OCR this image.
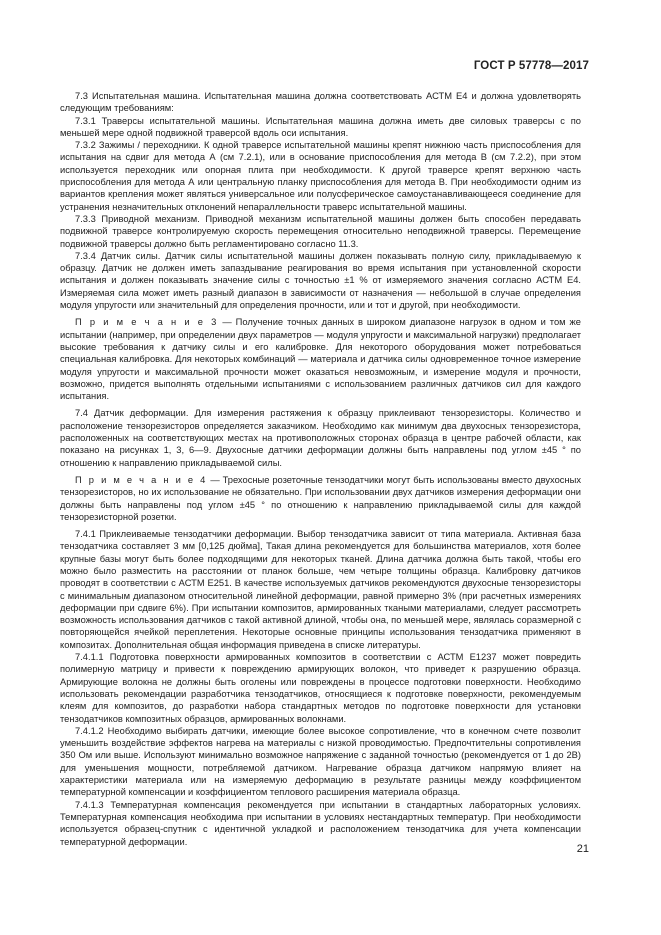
ГОСТ Р 57778—2017

7.3 Испытательная машина. Испытательная машина должна соответствовать АСТМ Е4 и должна удовлетворять следующим требованиям:

7.3.1 Траверсы испытательной машины. Испытательная машина должна иметь две силовых траверсы с по меньшей мере одной подвижной траверсой вдоль оси испытания.

7.3.2 Зажимы / переходники. К одной траверсе испытательной машины крепят нижнюю часть приспособления для испытания на сдвиг для метода А (см 7.2.1), или в основание приспособления для метода В (см 7.2.2), при этом используется переходник или опорная плита при необходимости. К другой траверсе крепят верхнюю часть приспособления для метода А или центральную планку приспособления для метода В. При необходимости одним из вариантов крепления может являться универсальное или полусферическое самоустанавливающееся соединение для устранения незначительных отклонений непараллельности траверс испытательной машины.

7.3.3 Приводной механизм. Приводной механизм испытательной машины должен быть способен передавать подвижной траверсе контролируемую скорость перемещения относительно неподвижной траверсы. Перемещение подвижной траверсы должно быть регламентировано согласно 11.3.

7.3.4 Датчик силы. Датчик силы испытательной машины должен показывать полную силу, прикладываемую к образцу. Датчик не должен иметь запаздывание реагирования во время испытания при установленной скорости испытания и должен показывать значение силы с точностью ±1 % от измеряемого значения согласно АСТМ Е4. Измеряемая сила может иметь разный диапазон в зависимости от назначения — небольшой в случае определения модуля упругости или значительный для определения прочности, или и тот и другой, при необходимости.

П р и м е ч а н и е 3 — Получение точных данных в широком диапазоне нагрузок в одном и том же испытании (например, при определении двух параметров — модуля упругости и максимальной нагрузки) предполагает высокие требования к датчику силы и его калибровке. Для некоторого оборудования может потребоваться специальная калибровка. Для некоторых комбинаций — материала и датчика силы одновременное точное измерение модуля упругости и максимальной прочности может оказаться невозможным, и измерение модуля и прочности, возможно, придется выполнять отдельными испытаниями с использованием различных датчиков сил для каждого испытания.

7.4 Датчик деформации. Для измерения растяжения к образцу приклеивают тензорезисторы. Количество и расположение тензорезисторов определяется заказчиком. Необходимо как минимум два двухосных тензорезистора, расположенных на соответствующих местах на противоположных сторонах образца в центре рабочей области, как показано на рисунках 1, 3, 6—9. Двухосные датчики деформации должны быть направлены под углом ±45 ° по отношению к направлению прикладываемой силы.

П р и м е ч а н и е 4 — Трехосные розеточные тензодатчики могут быть использованы вместо двухосных тензорезисторов, но их использование не обязательно. При использовании двух датчиков измерения деформации они должны быть направлены под углом ±45 ° по отношению к направлению прикладываемой силы для каждой тензорезисторной розетки.

7.4.1 Приклеиваемые тензодатчики деформации. Выбор тензодатчика зависит от типа материала. Активная база тензодатчика составляет 3 мм [0,125 дюйма], Такая длина рекомендуется для большинства материалов, хотя более крупные базы могут быть более подходящими для некоторых тканей. Длина датчика должна быть такой, чтобы его можно было разместить на расстоянии от планок больше, чем четыре толщины образца. Калибровку датчиков проводят в соответствии с АСТМ Е251. В качестве используемых датчиков рекомендуются двухосные тензорезисторы с минимальным диапазоном относительной линейной деформации, равной примерно 3% (при расчетных измерениях деформации при сдвиге 6%). При испытании композитов, армированных ткаными материалами, следует рассмотреть возможность использования датчиков с такой активной длиной, чтобы она, по меньшей мере, являлась соразмерной с повторяющейся ячейкой переплетения. Некоторые основные принципы использования тензодатчика применяют в композитах. Дополнительная общая информация приведена в списке литературы.

7.4.1.1 Подготовка поверхности армированных композитов в соответствии с АСТМ Е1237 может повредить полимерную матрицу и привести к повреждению армирующих волокон, что приведет к разрушению образца. Армирующие волокна не должны быть оголены или повреждены в процессе подготовки поверхности. Необходимо использовать рекомендации разработчика тензодатчиков, относящиеся к подготовке поверхности, рекомендуемым клеям для композитов, до разработки набора стандартных методов по подготовке поверхности для установки тензодатчиков композитных образцов, армированных волокнами.

7.4.1.2 Необходимо выбирать датчики, имеющие более высокое сопротивление, что в конечном счете позволит уменьшить воздействие эффектов нагрева на материалы с низкой проводимостью. Предпочтительны сопротивления 350 Ом или выше. Используют минимально возможное напряжение с заданной точностью (рекомендуется от 1 до 2В) для уменьшения мощности, потребляемой датчиком. Нагревание образца датчиком напрямую влияет на характеристики материала или на измеряемую деформацию в результате разницы между коэффициентом температурной компенсации и коэффициентом теплового расширения материала образца.

7.4.1.3 Температурная компенсация рекомендуется при испытании в стандартных лабораторных условиях. Температурная компенсация необходима при испытании в условиях нестандартных температур. При необходимости используется образец-спутник с идентичной укладкой и расположением тензодатчика для учета компенсации температурной деформации.

21
